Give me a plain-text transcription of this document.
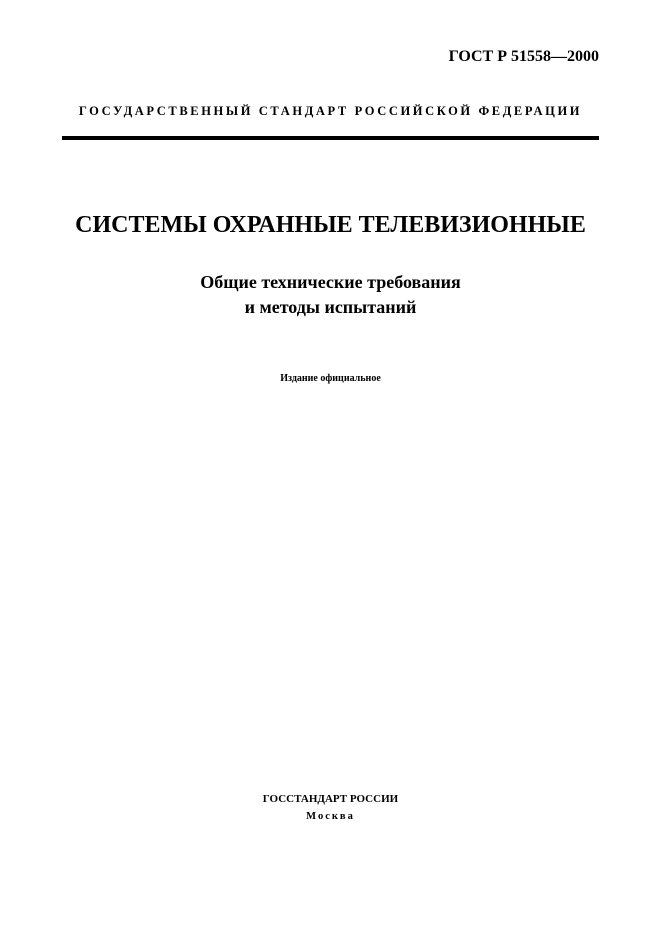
ГОСТ Р 51558—2000
ГОСУДАРСТВЕННЫЙ СТАНДАРТ РОССИЙСКОЙ ФЕДЕРАЦИИ
СИСТЕМЫ ОХРАННЫЕ ТЕЛЕВИЗИОННЫЕ
Общие технические требования
и методы испытаний
Издание официальное
ГОССТАНДАРТ РОССИИ
Москва
